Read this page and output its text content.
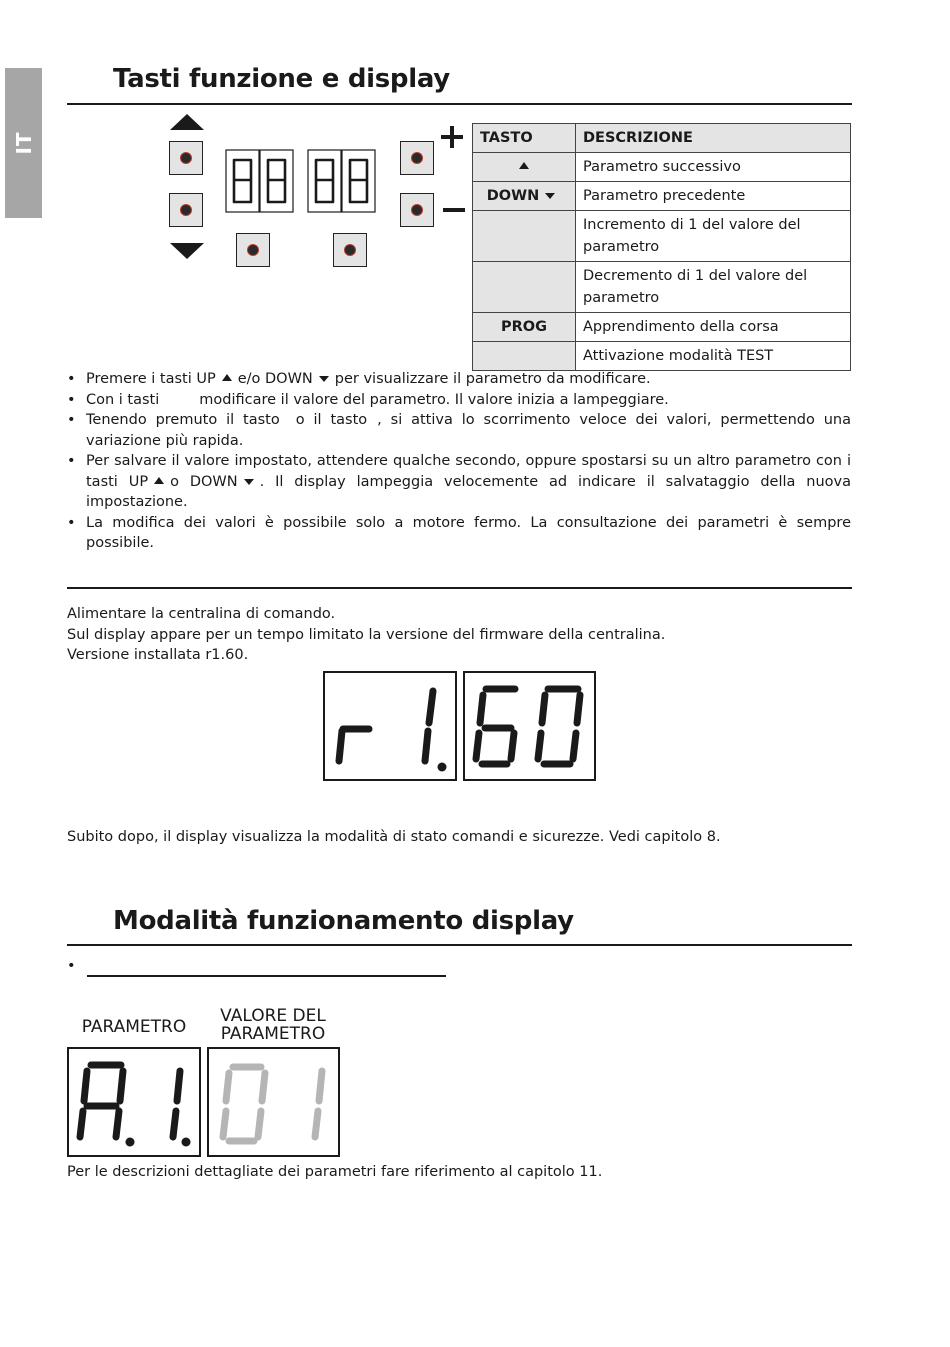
IT
Tasti funzione e display
TASTO	DESCRIZIONE
	Parametro successivo
DOWN	Parametro precedente
	Incremento di 1 del valore del parametro
	Decremento di 1 del valore del parametro
PROG	Apprendimento della corsa
	Attivazione modalità TEST
• Premere i tasti UP e/o DOWN per visualizzare il parametro da modificare.
• Con i tasti	modificare il valore del parametro. Il valore inizia a lampeggiare.
• Tenendo premuto il tasto o il tasto , si attiva lo scorrimento veloce dei valori, permettendo una variazione più rapida.
• Per salvare il valore impostato, attendere qualche secondo, oppure spostarsi su un altro parametro con i tasti UP o DOWN . Il display lampeggia velocemente ad indicare il salvataggio della nuova impostazione.
• La modifica dei valori è possibile solo a motore fermo. La consultazione dei parametri è sempre possibile.
Alimentare la centralina di comando.
Sul display appare per un tempo limitato la versione del firmware della centralina.
Versione installata r1.60.
Subito dopo, il display visualizza la modalità di stato comandi e sicurezze. Vedi capitolo 8.
Modalità funzionamento display
•
PARAMETRO
VALORE DEL
PARAMETRO
Per le descrizioni dettagliate dei parametri fare riferimento al capitolo 11.
